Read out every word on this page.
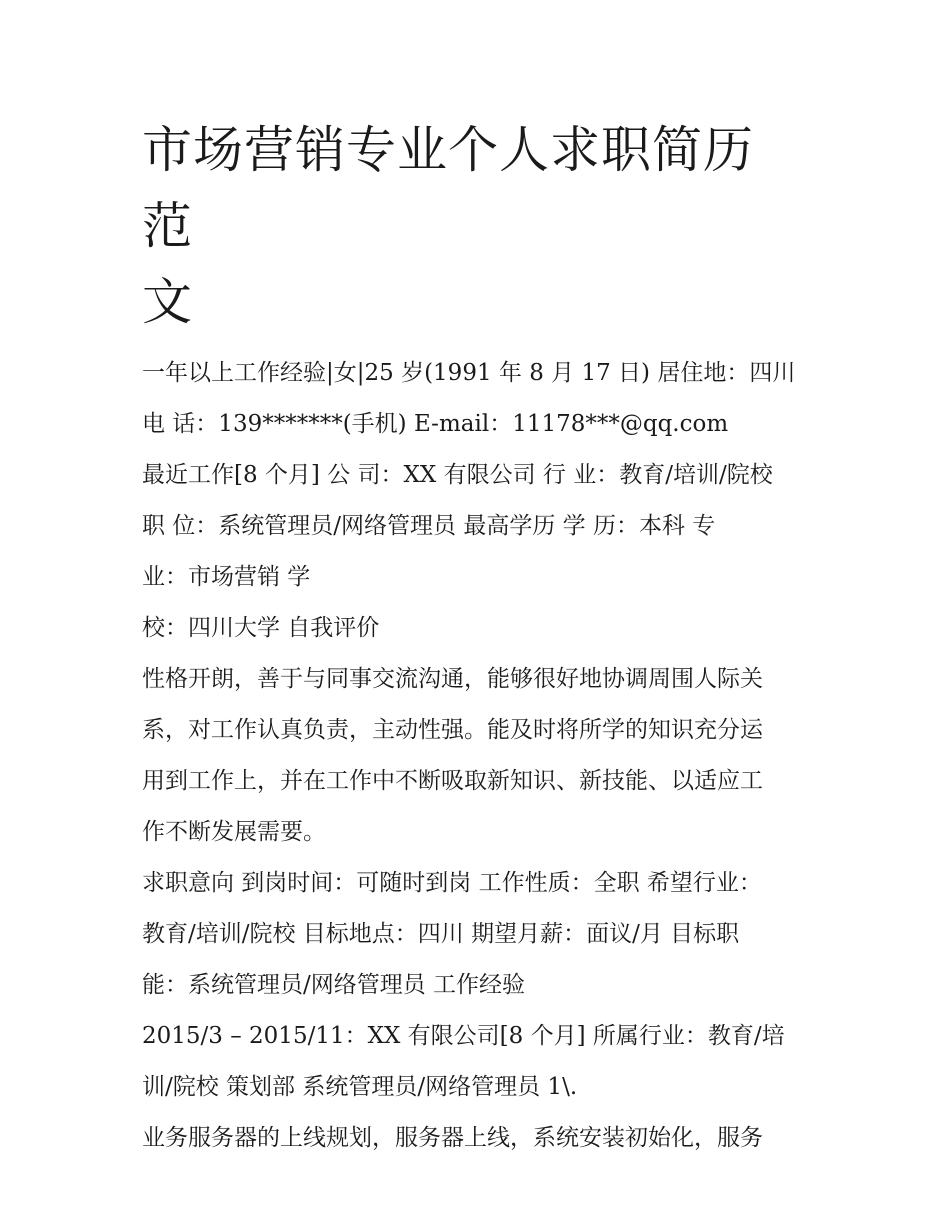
市场营销专业个人求职简历范
文
一年以上工作经验|女|25 岁(1991 年 8 月 17 日) 居住地：四川
电 话：139*******(手机) E-mail：11178***@qq.com
最近工作[8 个月] 公 司：XX 有限公司 行 业：教育/培训/院校
职 位：系统管理员/网络管理员 最高学历 学 历：本科 专
业：市场营销 学
校：四川大学 自我评价
性格开朗，善于与同事交流沟通，能够很好地协调周围人际关
系，对工作认真负责，主动性强。能及时将所学的知识充分运
用到工作上，并在工作中不断吸取新知识、新技能、以适应工
作不断发展需要。
求职意向 到岗时间：可随时到岗 工作性质：全职 希望行业：
教育/培训/院校 目标地点：四川 期望月薪：面议/月 目标职
能：系统管理员/网络管理员 工作经验
2015/3 – 2015/11：XX 有限公司[8 个月] 所属行业：教育/培
训/院校 策划部 系统管理员/网络管理员 1\.
业务服务器的上线规划，服务器上线，系统安装初始化，服务
